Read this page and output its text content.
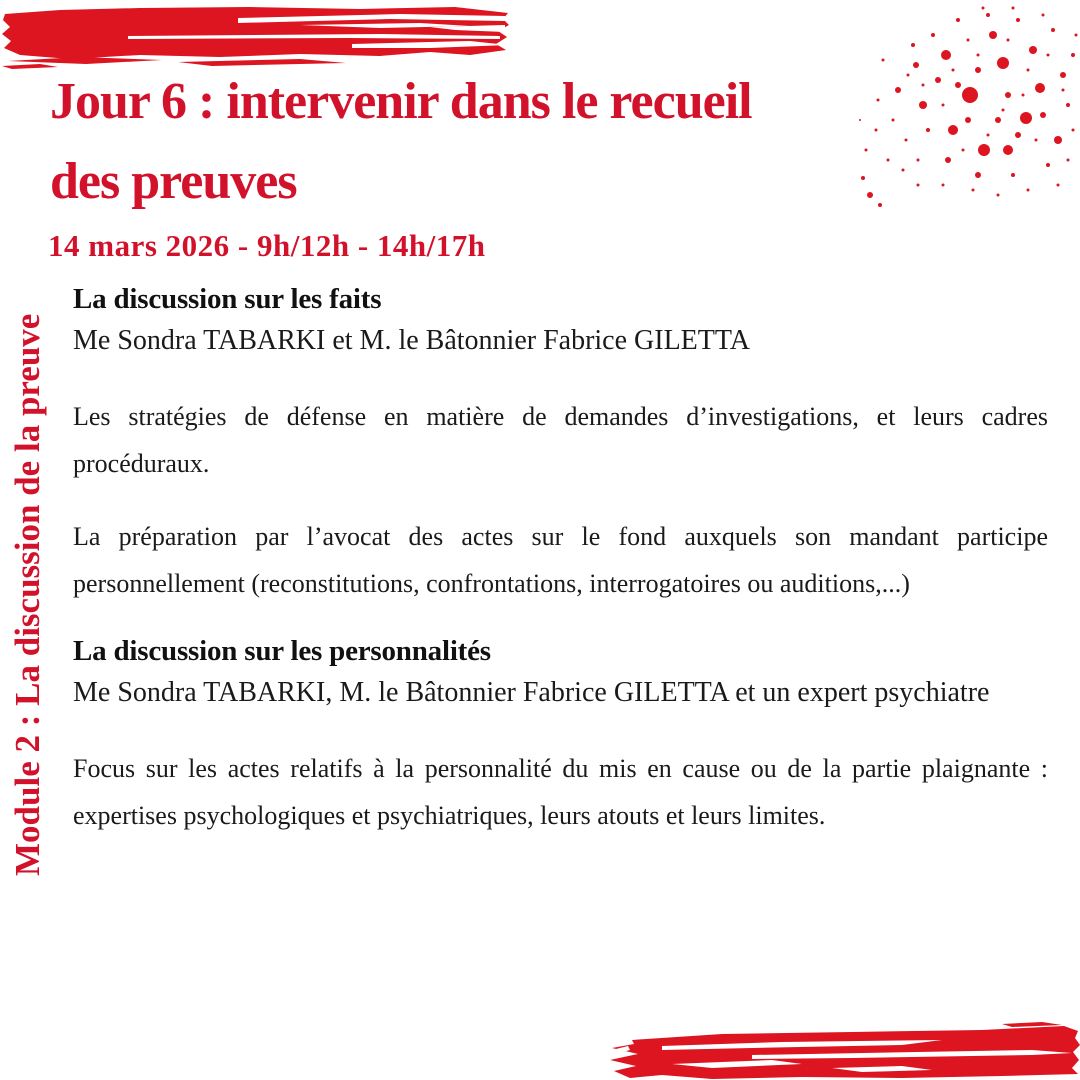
Jour 6 : intervenir dans le recueil
des preuves
14 mars 2026 - 9h/12h - 14h/17h
Module 2 : La discussion de la preuve
La discussion sur les faits
Me Sondra TABARKI et M. le Bâtonnier Fabrice GILETTA

Les stratégies de défense en matière de demandes d’investigations, et leurs cadres procéduraux.

La préparation par l’avocat des actes sur le fond auxquels son mandant participe personnellement (reconstitutions, confrontations, interrogatoires ou auditions,...)

La discussion sur les personnalités
Me Sondra TABARKI, M. le Bâtonnier Fabrice GILETTA et un expert psychiatre

Focus sur les actes relatifs à la personnalité du mis en cause ou de la partie plaignante : expertises psychologiques et psychiatriques, leurs atouts et leurs limites.
